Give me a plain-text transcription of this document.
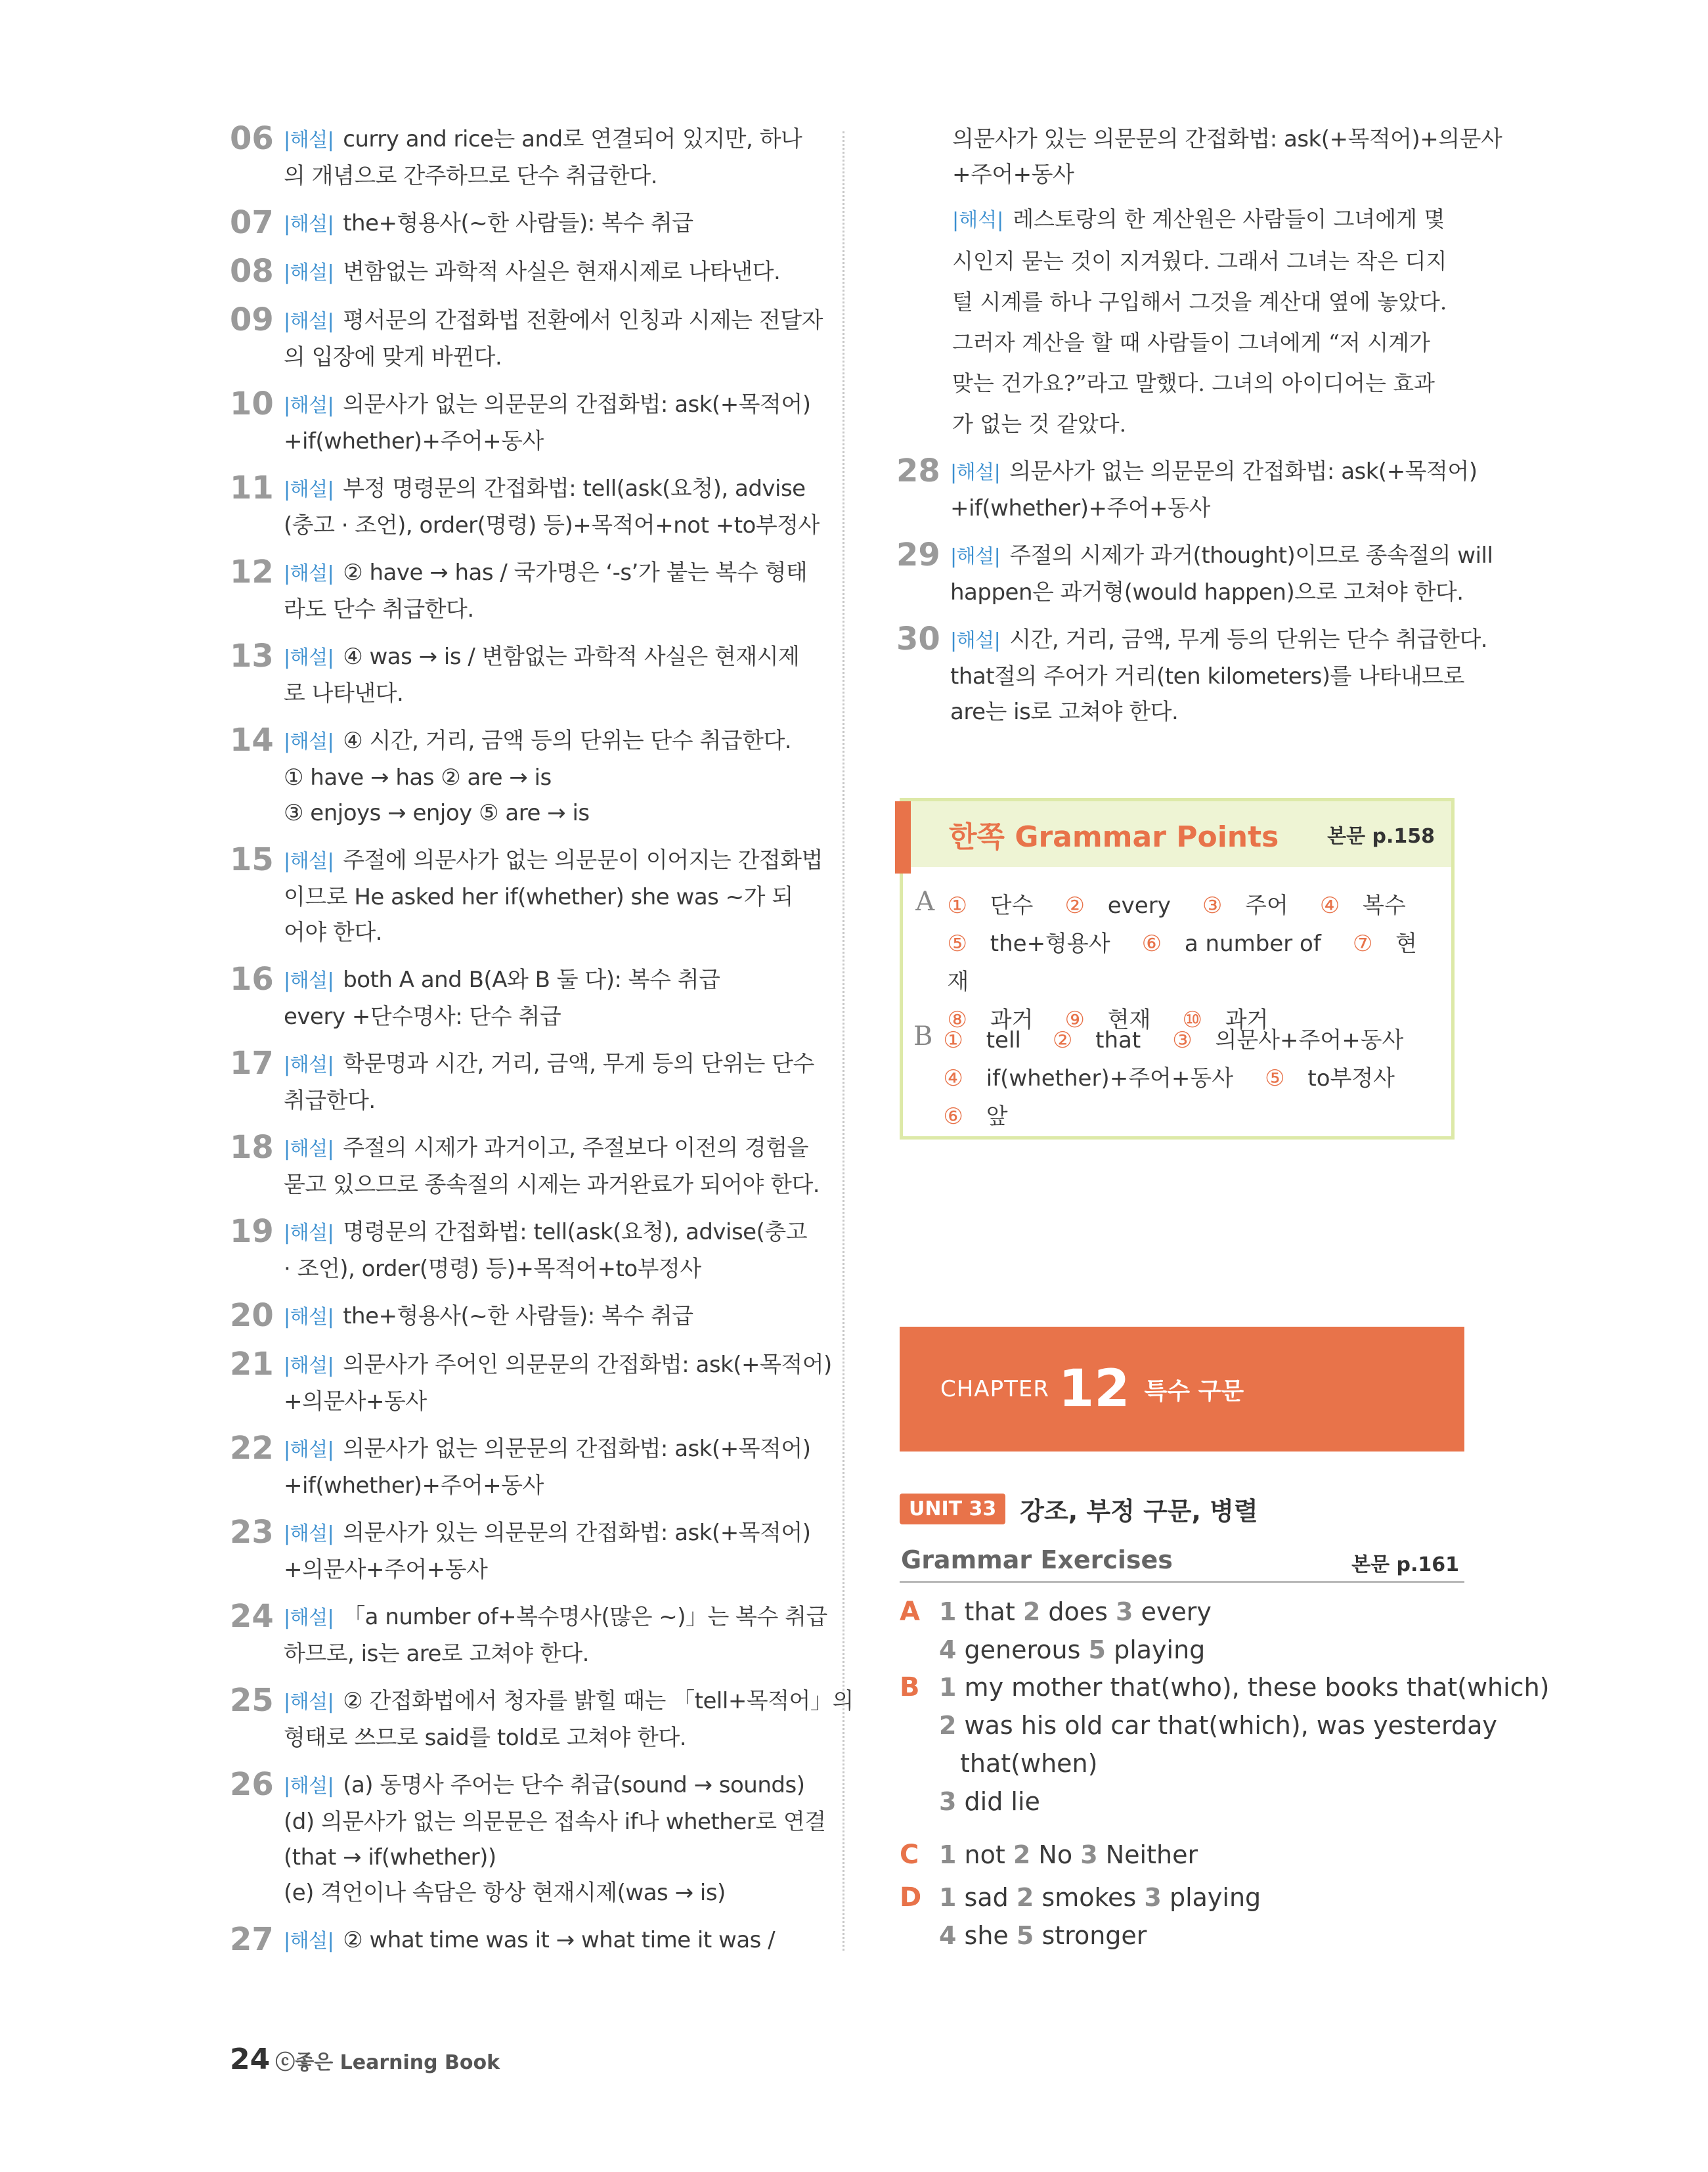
06 |해설| curry and rice는 and로 연결되어 있지만, 하나
의 개념으로 간주하므로 단수 취급한다.
07 |해설| the+형용사(~한 사람들): 복수 취급
08 |해설| 변함없는 과학적 사실은 현재시제로 나타낸다.
09 |해설| 평서문의 간접화법 전환에서 인칭과 시제는 전달자
의 입장에 맞게 바뀐다.
10 |해설| 의문사가 없는 의문문의 간접화법: ask(+목적어)
+if(whether)+주어+동사
11 |해설| 부정 명령문의 간접화법: tell(ask(요청), advise
(충고 · 조언), order(명령) 등)+목적어+not +to부정사
12 |해설| ② have → has / 국가명은 ‘-s’가 붙는 복수 형태
라도 단수 취급한다.
13 |해설| ④ was → is / 변함없는 과학적 사실은 현재시제
로 나타낸다.
14 |해설| ④ 시간, 거리, 금액 등의 단위는 단수 취급한다.
① have → has ② are → is
③ enjoys → enjoy ⑤ are → is
15 |해설| 주절에 의문사가 없는 의문문이 이어지는 간접화법
이므로 He asked her if(whether) she was ~가 되
어야 한다.
16 |해설| both A and B(A와 B 둘 다): 복수 취급
every +단수명사: 단수 취급
17 |해설| 학문명과 시간, 거리, 금액, 무게 등의 단위는 단수
취급한다.
18 |해설| 주절의 시제가 과거이고, 주절보다 이전의 경험을
묻고 있으므로 종속절의 시제는 과거완료가 되어야 한다.
19 |해설| 명령문의 간접화법: tell(ask(요청), advise(충고
· 조언), order(명령) 등)+목적어+to부정사
20 |해설| the+형용사(~한 사람들): 복수 취급
21 |해설| 의문사가 주어인 의문문의 간접화법: ask(+목적어)
+의문사+동사
22 |해설| 의문사가 없는 의문문의 간접화법: ask(+목적어)
+if(whether)+주어+동사
23 |해설| 의문사가 있는 의문문의 간접화법: ask(+목적어)
+의문사+주어+동사
24 |해설| 「a number of+복수명사(많은 ~)」는 복수 취급
하므로, is는 are로 고쳐야 한다.
25 |해설| ② 간접화법에서 청자를 밝힐 때는 「tell+목적어」의
형태로 쓰므로 said를 told로 고쳐야 한다.
26 |해설| (a) 동명사 주어는 단수 취급(sound → sounds)
(d) 의문사가 없는 의문문은 접속사 if나 whether로 연결
(that → if(whether))
(e) 격언이나 속담은 항상 현재시제(was → is)
27 |해설| ② what time was it → what time it was /
의문사가 있는 의문문의 간접화법: ask(+목적어)+의문사
+주어+동사
|해석| 레스토랑의 한 계산원은 사람들이 그녀에게 몇
시인지 묻는 것이 지겨웠다. 그래서 그녀는 작은 디지
털 시계를 하나 구입해서 그것을 계산대 옆에 놓았다.
그러자 계산을 할 때 사람들이 그녀에게 “저 시계가
맞는 건가요?”라고 말했다. 그녀의 아이디어는 효과
가 없는 것 같았다.
28 |해설| 의문사가 없는 의문문의 간접화법: ask(+목적어)
+if(whether)+주어+동사
29 |해설| 주절의 시제가 과거(thought)이므로 종속절의 will
happen은 과거형(would happen)으로 고쳐야 한다.
30 |해설| 시간, 거리, 금액, 무게 등의 단위는 단수 취급한다.
that절의 주어가 거리(ten kilometers)를 나타내므로
are는 is로 고쳐야 한다.
한쪽 Grammar Points 본문 p.158
A ① 단수 ② every ③ 주어 ④ 복수
⑤ the+형용사 ⑥ a number of ⑦ 현재
⑧ 과거 ⑨ 현재 ⑩ 과거
B ① tell ② that ③ 의문사+주어+동사
④ if(whether)+주어+동사 ⑤ to부정사⑥ 앞
CHAPTER 12 특수 구문
UNIT 33 강조, 부정 구문, 병렬
Grammar Exercises	본문 p.161
A 1 that 2 does 3 every
4 generous 5 playing
B 1 my mother that(who), these books that(which)
2 was his old car that(which), was yesterday
that(when)
3 did lie
C 1 not 2 No 3 Neither
D 1 sad 2 smokes 3 playing
4 she 5 stronger
24 ⓒ좋은 Learning Book
